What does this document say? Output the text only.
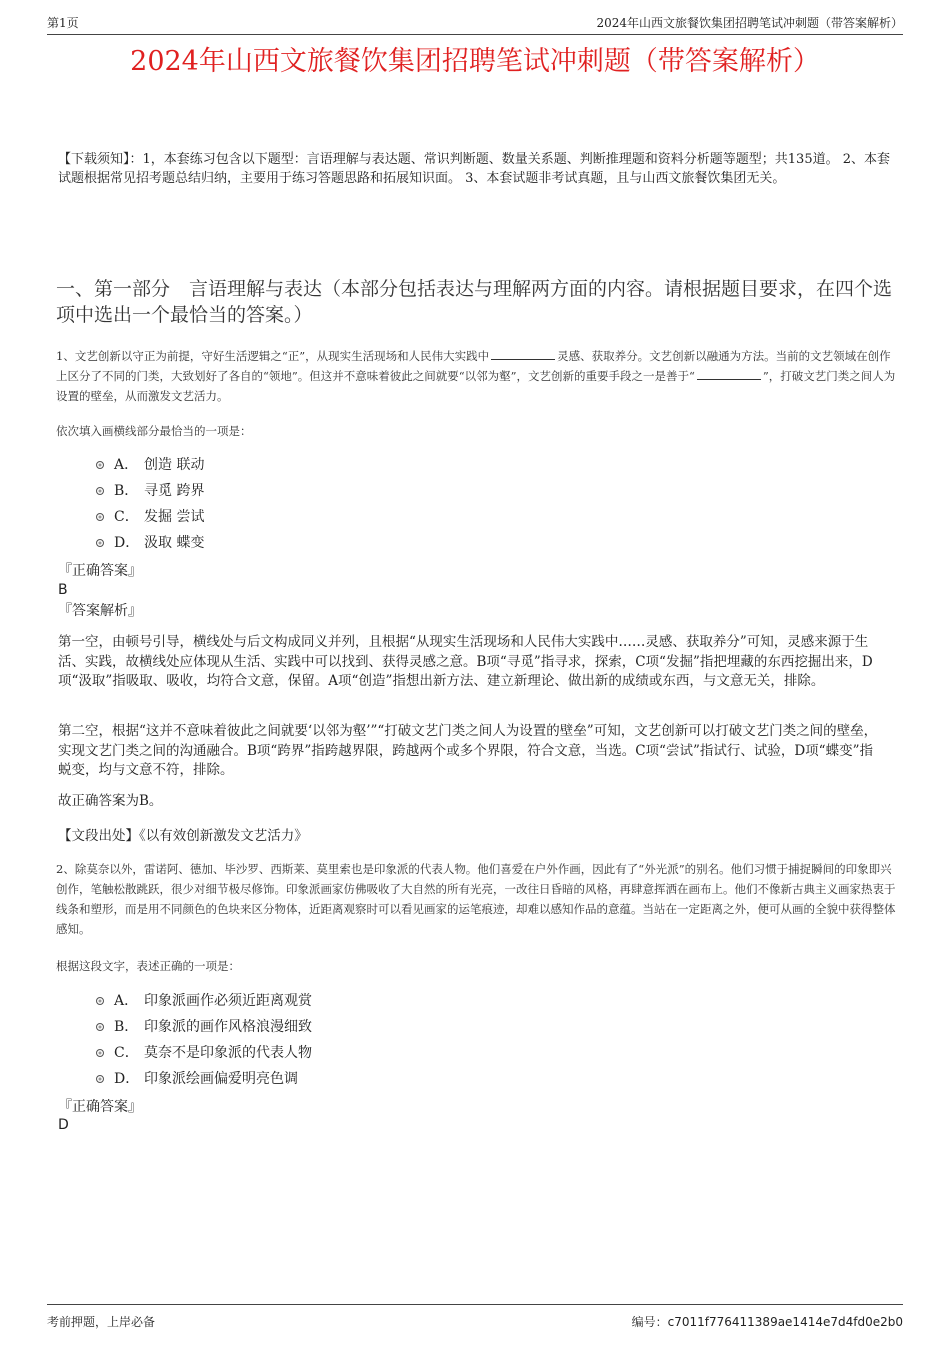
第1页	2024年山西文旅餐饮集团招聘笔试冲刺题（带答案解析）
2024年山西文旅餐饮集团招聘笔试冲刺题（带答案解析）

【下载须知】：1，本套练习包含以下题型：言语理解与表达题、常识判断题、数量关系题、判断推理题和资料分析题等题型；共135道。 2、本套试题根据常见招考题总结归纳，主要用于练习答题思路和拓展知识面。 3、本套试题非考试真题，且与山西文旅餐饮集团无关。

一、第一部分　言语理解与表达（本部分包括表达与理解两方面的内容。请根据题目要求，在四个选项中选出一个最恰当的答案。）

1、文艺创新以守正为前提，守好生活逻辑之“正”，从现实生活现场和人民伟大实践中	灵感、获取养分。文艺创新以融通为方法。当前的文艺领域在创作上区分了不同的门类，大致划好了各自的“领地”。但这并不意味着彼此之间就要“以邻为壑”，文艺创新的重要手段之一是善于“	”，打破文艺门类之间人为设置的壁垒，从而激发文艺活力。

依次填入画横线部分最恰当的一项是：

A． 创造 联动
B． 寻觅 跨界
C． 发掘 尝试
D． 汲取 蝶变

『正确答案』

B

『答案解析』

第一空，由顿号引导，横线处与后文构成同义并列，且根据“从现实生活现场和人民伟大实践中……灵感、获取养分”可知，灵感来源于生活、实践，故横线处应体现从生活、实践中可以找到、获得灵感之意。B项“寻觅”指寻求，探索，C项“发掘”指把埋藏的东西挖掘出来，D项“汲取”指吸取、吸收，均符合文意，保留。A项“创造”指想出新方法、建立新理论、做出新的成绩或东西，与文意无关，排除。

第二空，根据“这并不意味着彼此之间就要‘以邻为壑’”“打破文艺门类之间人为设置的壁垒”可知，文艺创新可以打破文艺门类之间的壁垒，实现文艺门类之间的沟通融合。B项“跨界”指跨越界限，跨越两个或多个界限，符合文意，当选。C项“尝试”指试行、试验，D项“蝶变”指蜕变，均与文意不符，排除。

故正确答案为B。

【文段出处】《以有效创新激发文艺活力》

2、除莫奈以外，雷诺阿、德加、毕沙罗、西斯莱、莫里索也是印象派的代表人物。他们喜爱在户外作画，因此有了“外光派”的别名。他们习惯于捕捉瞬间的印象即兴创作，笔触松散跳跃，很少对细节极尽修饰。印象派画家仿佛吸收了大自然的所有光亮，一改往日昏暗的风格，再肆意挥洒在画布上。他们不像新古典主义画家热衷于线条和塑形，而是用不同颜色的色块来区分物体，近距离观察时可以看见画家的运笔痕迹，却难以感知作品的意蕴。当站在一定距离之外，便可从画的全貌中获得整体感知。

根据这段文字，表述正确的一项是：

A． 印象派画作必须近距离观赏
B． 印象派的画作风格浪漫细致
C． 莫奈不是印象派的代表人物
D． 印象派绘画偏爱明亮色调

『正确答案』

D

考前押题，上岸必备	编号：c7011f776411389ae1414e7d4fd0e2b0
